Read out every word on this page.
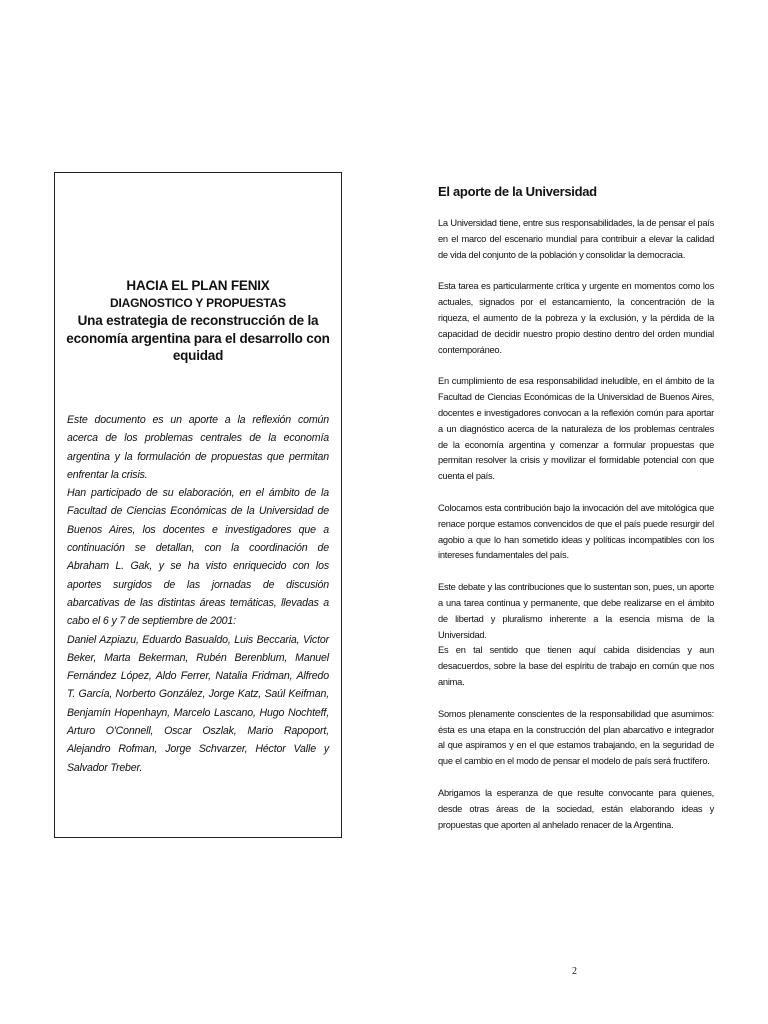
HACIA EL PLAN FENIX
DIAGNOSTICO Y PROPUESTAS
Una estrategia de reconstrucción de la
economía argentina para el desarrollo con equidad

Este documento es un aporte a la reflexión común acerca de los problemas centrales de la economía argentina y la formulación de propuestas que permitan enfrentar la crisis.

Han participado de su elaboración, en el ámbito de la Facultad de Ciencias Económicas de la Universidad de Buenos Aires, los docentes e investigadores que a continuación se detallan, con la coordinación de Abraham L. Gak, y se ha visto enriquecido con los aportes surgidos de las jornadas de discusión abarcativas de las distintas áreas temáticas, llevadas a cabo el 6 y 7 de septiembre de 2001:

Daniel Azpiazu, Eduardo Basualdo, Luis Beccaria, Victor Beker, Marta Bekerman, Rubén Berenblum, Manuel Fernández López, Aldo Ferrer, Natalia Fridman, Alfredo T. García, Norberto González, Jorge Katz, Saúl Keifman, Benjamín Hopenhayn, Marcelo Lascano, Hugo Nochteff, Arturo O'Connell, Oscar Oszlak, Mario Rapoport, Alejandro Rofman, Jorge Schvarzer, Héctor Valle y Salvador Treber.

El aporte de la Universidad

La Universidad tiene, entre sus responsabilidades, la de pensar el país en el marco del escenario mundial para contribuir a elevar la calidad de vida del conjunto de la población y consolidar la democracia.

Esta tarea es particularmente crítica y urgente en momentos como los actuales, signados por el estancamiento, la concentración de la riqueza, el aumento de la pobreza y la exclusión, y la pérdida de la capacidad de decidir nuestro propio destino dentro del orden mundial contemporáneo.

En cumplimiento de esa responsabilidad ineludible, en el ámbito de la Facultad de Ciencias Económicas de la Universidad de Buenos Aires, docentes e investigadores convocan a la reflexión común para aportar a un diagnóstico acerca de la naturaleza de los problemas centrales de la economía argentina y comenzar a formular propuestas que permitan resolver la crisis y movilizar el formidable potencial con que cuenta el país.

Colocamos esta contribución bajo la invocación del ave mitológica que renace porque estamos convencidos de que el país puede resurgir del agobio a que lo han sometido ideas y políticas incompatibles con los intereses fundamentales del país.

Este debate y las contribuciones que lo sustentan son, pues, un aporte a una tarea continua y permanente, que debe realizarse en el ámbito de libertad y pluralismo inherente a la esencia misma de la Universidad.
Es en tal sentido que tienen aquí cabida disidencias y aun desacuerdos, sobre la base del espíritu de trabajo en común que nos anima.

Somos plenamente conscientes de la responsabilidad que asumimos: ésta es una etapa en la construcción del plan abarcativo e integrador al que aspiramos y en el que estamos trabajando, en la seguridad de que el cambio en el modo de pensar el modelo de país será fructífero.

Abrigamos la esperanza de que resulte convocante para quienes, desde otras áreas de la sociedad, están elaborando ideas y propuestas que aporten al anhelado renacer de la Argentina.

2
